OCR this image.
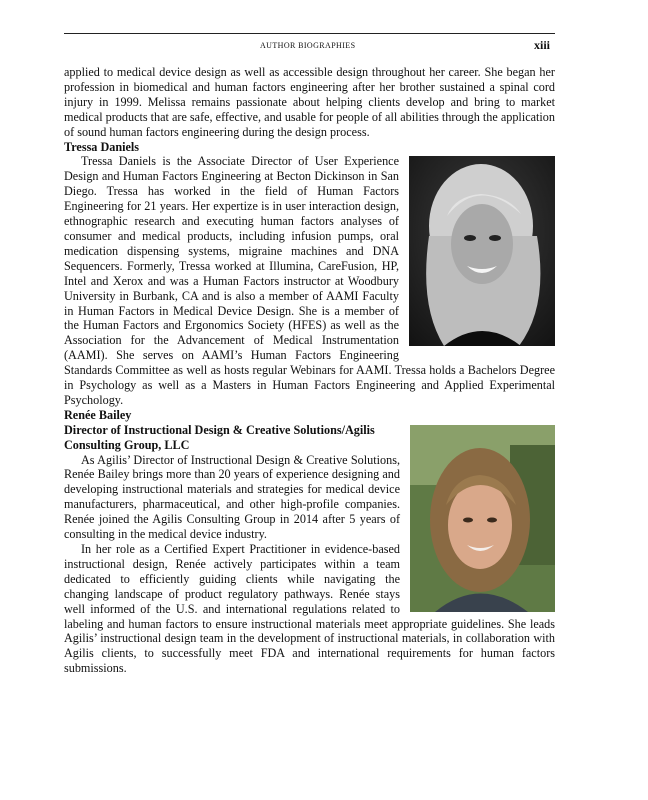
AUTHOR BIOGRAPHIES	xiii

applied to medical device design as well as accessible design throughout her career. She began her profession in biomedical and human factors engineering after her brother sustained a spinal cord injury in 1999. Melissa remains passionate about helping clients develop and bring to market medical products that are safe, effective, and usable for people of all abilities through the application of sound human factors engineering during the design process.

Tressa Daniels

Tressa Daniels is the Associate Director of User Experience Design and Human Factors Engineering at Becton Dickinson in San Diego. Tressa has worked in the field of Human Factors Engineering for 21 years. Her expertize is in user interaction design, ethnographic research and executing human factors analyses of consumer and medical products, including infusion pumps, oral medication dispensing systems, migraine machines and DNA Sequencers. Formerly, Tressa worked at Illumina, CareFusion, HP, Intel and Xerox and was a Human Factors instructor at Woodbury University in Burbank, CA and is also a member of AAMI Faculty in Human Factors in Medical Device Design. She is a member of the Human Factors and Ergonomics Society (HFES) as well as the Association for the Advancement of Medical Instrumentation (AAMI). She serves on AAMI’s Human Factors Engineering Standards Committee as well as hosts regular Webinars for AAMI. Tressa holds a Bachelors Degree in Psychology as well as a Masters in Human Factors Engineering and Applied Experimental Psychology.

Renée Bailey
Director of Instructional Design & Creative Solutions/Agilis Consulting Group, LLC

As Agilis’ Director of Instructional Design & Creative Solutions, Renée Bailey brings more than 20 years of experience designing and developing instructional materials and strategies for medical device manufacturers, pharmaceutical, and other high-profile companies. Renée joined the Agilis Consulting Group in 2014 after 5 years of consulting in the medical device industry.

In her role as a Certified Expert Practitioner in evidence-based instructional design, Renée actively participates within a team dedicated to efficiently guiding clients while navigating the changing landscape of product regulatory pathways. Renée stays well informed of the U.S. and international regulations related to labeling and human factors to ensure instructional materials meet appropriate guidelines. She leads Agilis’ instructional design team in the development of instructional materials, in collaboration with Agilis clients, to successfully meet FDA and international requirements for human factors submissions.
